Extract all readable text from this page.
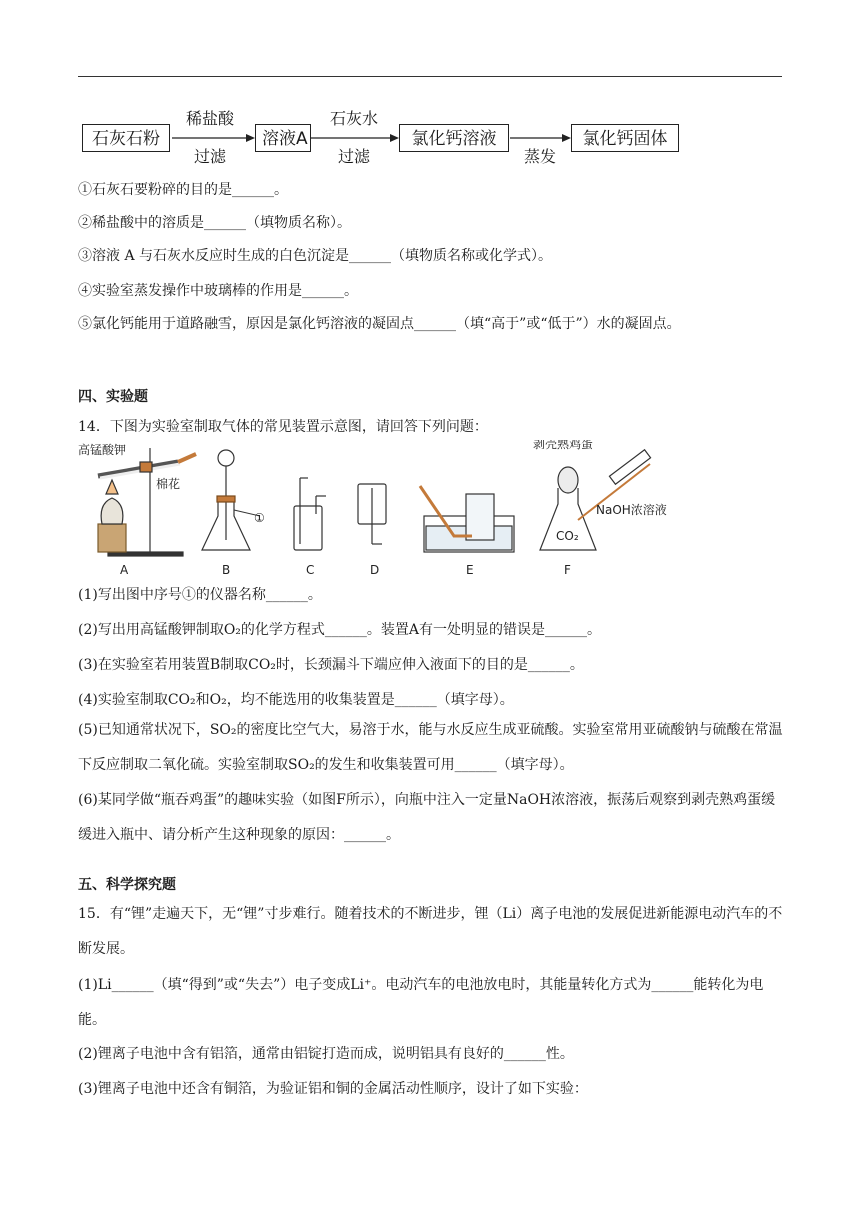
石灰石粉	溶液A	氯化钙溶液	氯化钙固体
稀盐酸
过滤
石灰水
过滤	蒸发
①石灰石要粉碎的目的是______。
②稀盐酸中的溶质是______（填物质名称）。
③溶液 A 与石灰水反应时生成的白色沉淀是______（填物质名称或化学式）。
④实验室蒸发操作中玻璃棒的作用是______。
⑤氯化钙能用于道路融雪，原因是氯化钙溶液的凝固点______（填“高于”或“低于”）水的凝固点。
四、实验题
14．下图为实验室制取气体的常见装置示意图，请回答下列问题：
高锰酸钾
棉花
①
剥壳熟鸡蛋
NaOH浓溶液
CO₂
A	B	C	D	E	F
(1)写出图中序号①的仪器名称______。
(2)写出用高锰酸钾制取O₂的化学方程式______。装置A有一处明显的错误是______。
(3)在实验室若用装置B制取CO₂时，长颈漏斗下端应伸入液面下的目的是______。
(4)实验室制取CO₂和O₂，均不能选用的收集装置是______（填字母）。
(5)已知通常状况下，SO₂的密度比空气大，易溶于水，能与水反应生成亚硫酸。实验室常用亚硫酸钠与硫酸在常温下反应制取二氧化硫。实验室制取SO₂的发生和收集装置可用______（填字母）。
(6)某同学做“瓶吞鸡蛋”的趣味实验（如图F所示），向瓶中注入一定量NaOH浓溶液，振荡后观察到剥壳熟鸡蛋缓缓进入瓶中、请分析产生这种现象的原因：______。
五、科学探究题
15．有“锂”走遍天下，无“锂”寸步难行。随着技术的不断进步，锂（Li）离子电池的发展促进新能源电动汽车的不断发展。
(1)Li______（填“得到”或“失去”）电子变成Li⁺。电动汽车的电池放电时，其能量转化方式为______能转化为电能。
(2)锂离子电池中含有铝箔，通常由铝锭打造而成，说明铝具有良好的______性。
(3)锂离子电池中还含有铜箔，为验证铝和铜的金属活动性顺序，设计了如下实验：
